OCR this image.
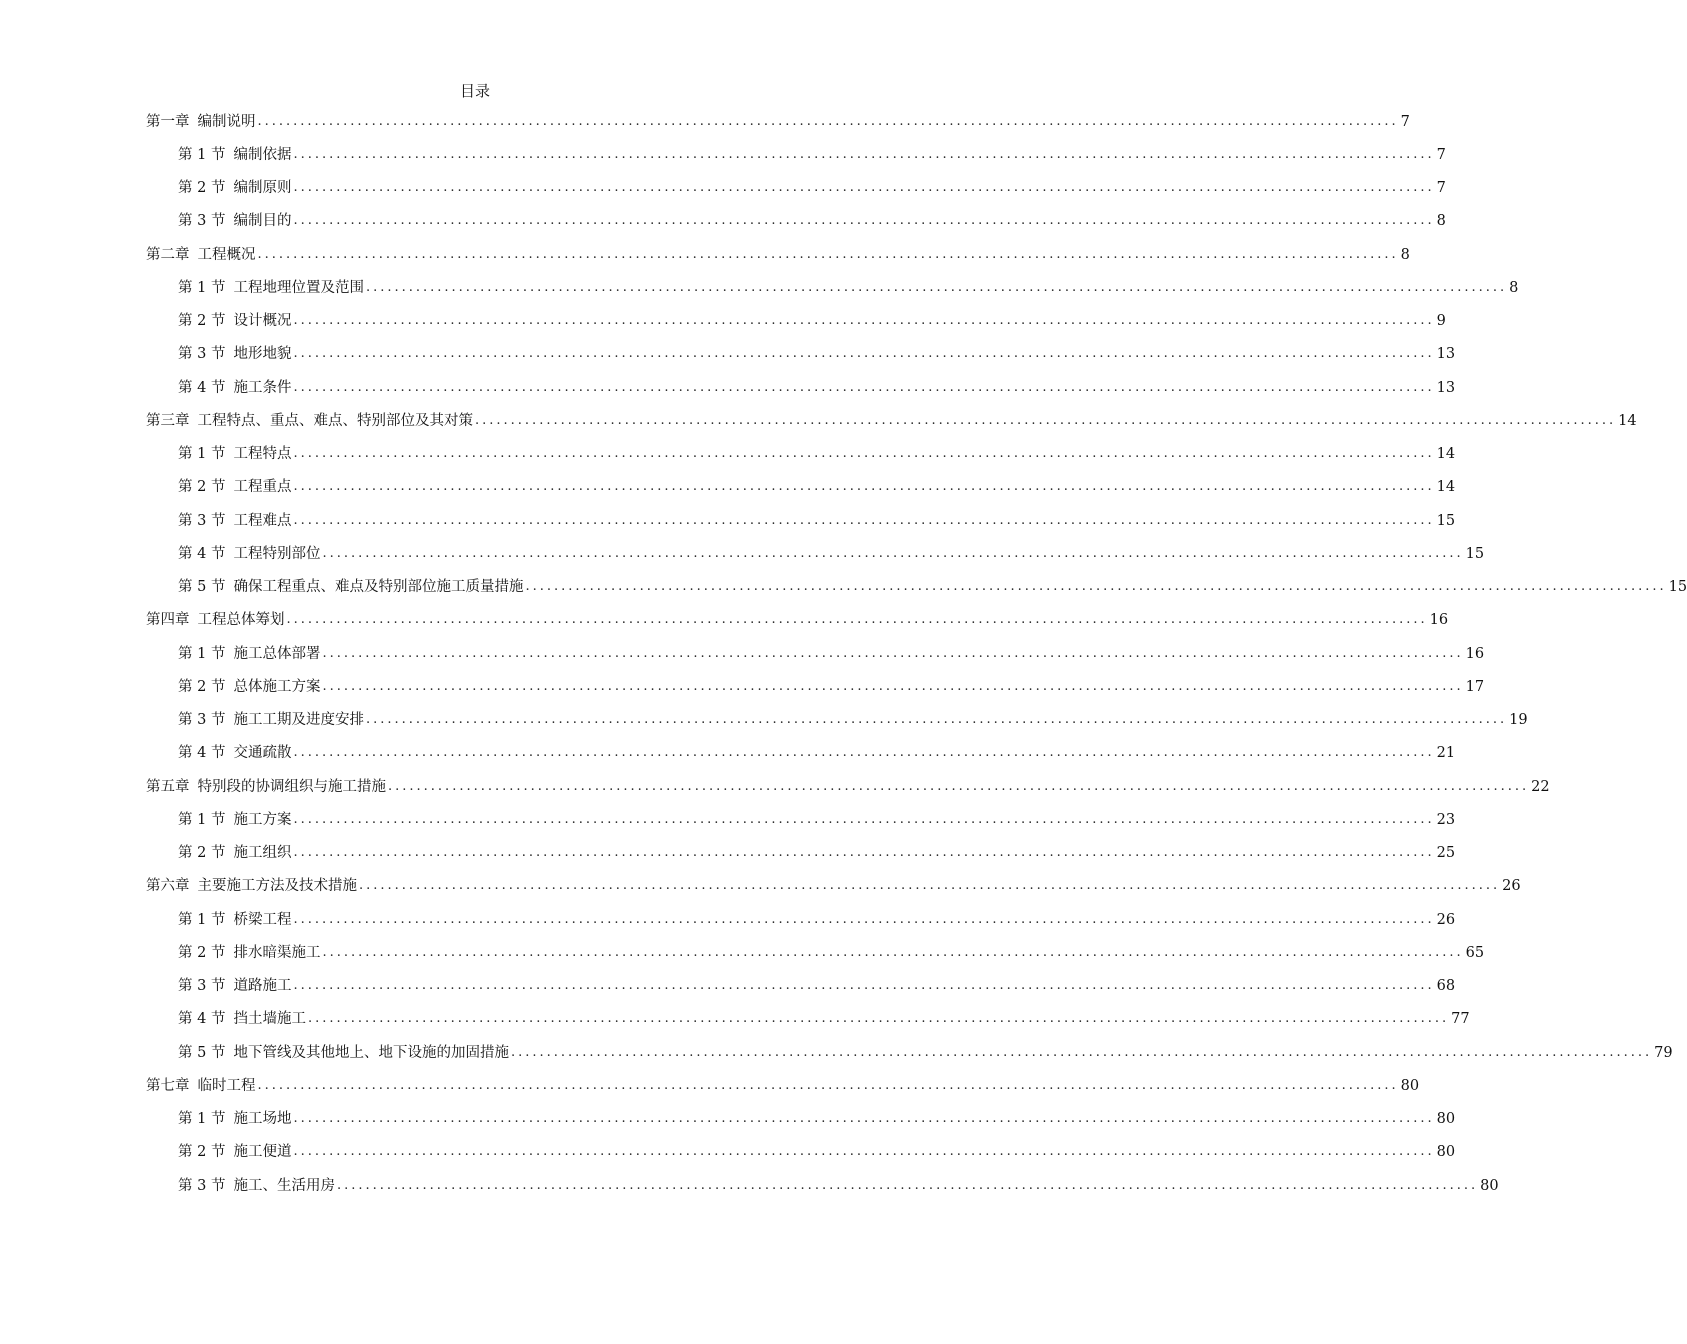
目录
第一章 编制说明 ................................................................................................................................................................ 7
第 1 节 编制依据 ................................................................................................................................................................ 7
第 2 节 编制原则 ................................................................................................................................................................ 7
第 3 节 编制目的 ................................................................................................................................................................ 8
第二章 工程概况 ................................................................................................................................................................ 8
第 1 节 工程地理位置及范围 ................................................................................................................................................................ 8
第 2 节 设计概况 ................................................................................................................................................................ 9
第 3 节 地形地貌 ................................................................................................................................................................ 13
第 4 节 施工条件 ................................................................................................................................................................ 13
第三章 工程特点、重点、难点、特别部位及其对策 ................................................................................................................................................................ 14
第 1 节 工程特点 ................................................................................................................................................................ 14
第 2 节 工程重点 ................................................................................................................................................................ 14
第 3 节 工程难点 ................................................................................................................................................................ 15
第 4 节 工程特别部位 ................................................................................................................................................................ 15
第 5 节 确保工程重点、难点及特别部位施工质量措施 ................................................................................................................................................................ 15
第四章 工程总体筹划 ................................................................................................................................................................ 16
第 1 节 施工总体部署 ................................................................................................................................................................ 16
第 2 节 总体施工方案 ................................................................................................................................................................ 17
第 3 节 施工工期及进度安排 ................................................................................................................................................................ 19
第 4 节 交通疏散 ................................................................................................................................................................ 21
第五章 特别段的协调组织与施工措施 ................................................................................................................................................................ 22
第 1 节 施工方案 ................................................................................................................................................................ 23
第 2 节 施工组织 ................................................................................................................................................................ 25
第六章 主要施工方法及技术措施 ................................................................................................................................................................ 26
第 1 节 桥梁工程 ................................................................................................................................................................ 26
第 2 节 排水暗渠施工 ................................................................................................................................................................ 65
第 3 节 道路施工 ................................................................................................................................................................ 68
第 4 节 挡土墙施工 ................................................................................................................................................................ 77
第 5 节 地下管线及其他地上、地下设施的加固措施 ................................................................................................................................................................ 79
第七章 临时工程 ................................................................................................................................................................ 80
第 1 节 施工场地 ................................................................................................................................................................ 80
第 2 节 施工便道 ................................................................................................................................................................ 80
第 3 节 施工、生活用房 ................................................................................................................................................................ 80
